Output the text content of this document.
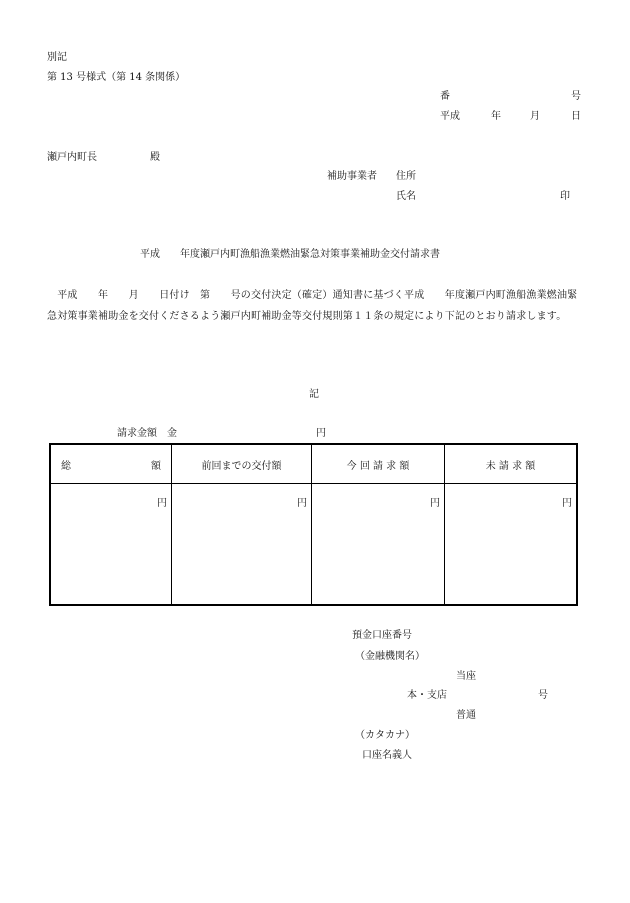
別記
第 13 号様式（第 14 条関係）
番	号
平成	年	月	日
瀬戸内町長	殿
補助事業者 住所
氏名	印
平成　　年度瀬戸内町漁船漁業燃油緊急対策事業補助金交付請求書
　平成　　年　　月　　日付け　第　　号の交付決定（確定）通知書に基づく平成　　年度瀬戸内町漁船漁業燃油緊急対策事業補助金を交付くださるよう瀬戸内町補助金等交付規則第１１条の規定により下記のとおり請求します。
記
請求金額　金	円
総 額	前回までの交付額	今 回 請 求 額	未 請 求 額
円	円	円	円
預金口座番号
（金融機関名）
当座
本・支店	号
普通
（カタカナ）
口座名義人
